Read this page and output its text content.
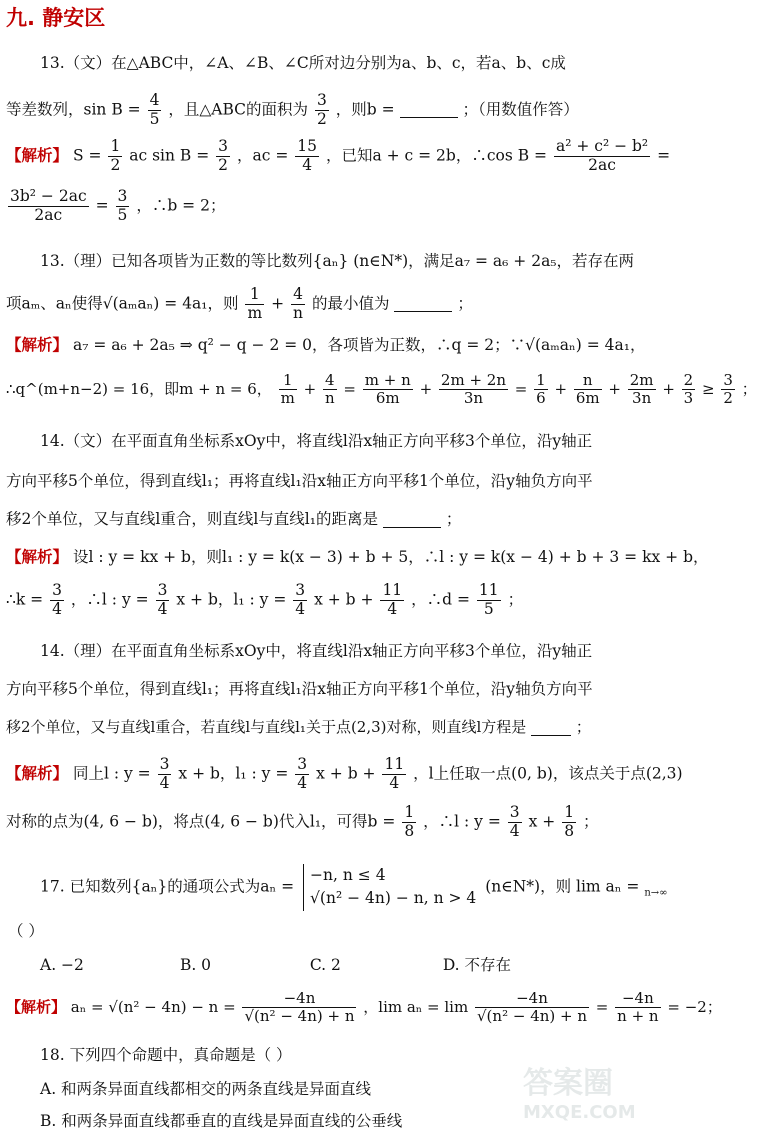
九. 静安区
13.（文）在△ABC中，∠A、∠B、∠C所对边分别为a、b、c，若a、b、c成
等差数列，$\sin B = \frac{4}{5}$ ，且△ABC的面积为 $\frac{3}{2}$ ，则b =	；（用数值作答）
【解析】 $S = \frac{1}{2}$ ac $\sin B = \frac{3}{2}$ ，ac = $\frac{15}{4}$ ，已知a + c = 2b，∴cos $B = \frac{\text{a² + c² − b²}}{2ac}$ =
$\frac{\text{3b² − 2ac}}{2ac} = \frac{3}{5}$ ，∴b = 2；
13.（理）已知各项皆为正数的等比数列{aₙ} (n∈N*)，满足a₇ = a₆ + 2a₅，若存在两
项aₘ、aₙ使得√(aₘaₙ) = 4a₁，则 $\frac{1}{m} + \frac{4}{n}$ 的最小值为	；
【解析】 a₇ = a₆ + 2a₅ ⇒ q² − q − 2 = 0，各项皆为正数，∴q = 2；∵√(aₘaₙ) = 4a₁，
∴q^(m+n−2) = 16，即m + n = 6， $\frac{1}{m} + \frac{4}{n} = \frac{m + n}{6m} + \frac{2m + 2n}{3n} = \frac{1}{6} + \frac{n}{6m} + \frac{2m}{3n} + \frac{2}{3} \ge \frac{3}{2}$ ；
14.（文）在平面直角坐标系xOy中，将直线l沿x轴正方向平移3个单位，沿y轴正
方向平移5个单位，得到直线l₁；再将直线l₁沿x轴正方向平移1个单位，沿y轴负方向平
移2个单位，又与直线l重合，则直线l与直线l₁的距离是	；
【解析】 设l : y = kx + b，则l₁ : y = k(x − 3) + b + 5，∴l : y = k(x − 4) + b + 3 = kx + b，
∴k = $\frac{3}{4}$ ，∴l : $y = \frac{3}{4}$ x + b，l₁ : $y = \frac{3}{4}$ $x + b + \frac{11}{4}$ ，∴d = $\frac{11}{5}$ ；
14.（理）在平面直角坐标系xOy中，将直线l沿x轴正方向平移3个单位，沿y轴正
方向平移5个单位，得到直线l₁；再将直线l₁沿x轴正方向平移1个单位，沿y轴负方向平
移2个单位，又与直线l重合，若直线l与直线l₁关于点(2,3)对称，则直线l方程是	；
【解析】 同上l : $y = \frac{3}{4}$ x + b，l₁ : $y = \frac{3}{4}$ $x + b + \frac{11}{4}$ ，l上任取一点(0, b)，该点关于点(2,3)
对称的点为(4, 6 − b)，将点(4, 6 − b)代入l₁，可得$b = \frac{1}{8}$ ，∴l : $y = \frac{3}{4}$ $x + \frac{1}{8}$ ；
17. 已知数列{aₙ}的通项公式为aₙ =
−n, n ≤ 4
√(n² − 4n) − n, n > 4
(n∈N*)，则 lim aₙ = $_{n\to\infty}$
（ ）
A. −2	B. 0	C. 2	D. 不存在
【解析】 $a_n = √(n^2 - 4n) - n = \frac{-4n}{\text{√(n² − 4n) + n}}$ ，$\lim a_n = \lim \frac{-4n}{\text{√(n² − 4n) + n}} = \frac{-4n}{n + n} = -2$；
18. 下列四个命题中，真命题是（ ）
A. 和两条异面直线都相交的两条直线是异面直线
B. 和两条异面直线都垂直的直线是异面直线的公垂线
答案圈
MXQE.COM
